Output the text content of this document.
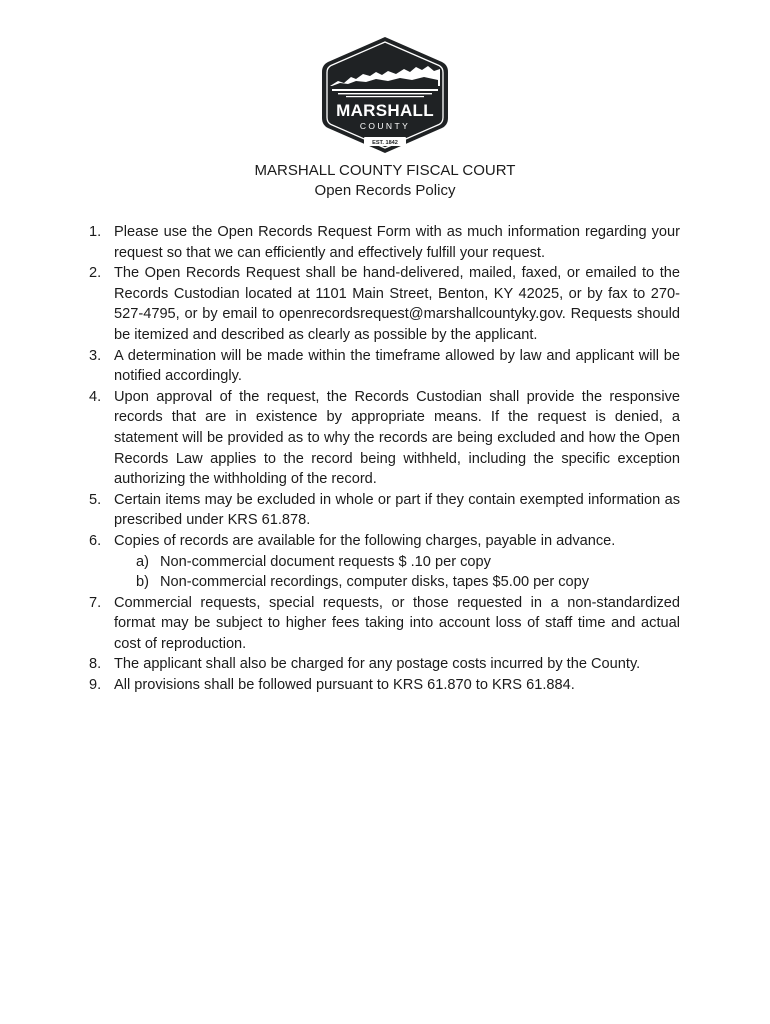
MARSHALL
COUNTY
EST. 1842
MARSHALL COUNTY FISCAL COURT
Open Records Policy
1. Please use the Open Records Request Form with as much information regarding your request so that we can efficiently and effectively fulfill your request.
2. The Open Records Request shall be hand-delivered, mailed, faxed, or emailed to the Records Custodian located at 1101 Main Street, Benton, KY 42025, or by fax to 270-527-4795, or by email to openrecordsrequest@marshallcountyky.gov. Requests should be itemized and described as clearly as possible by the applicant.
3. A determination will be made within the timeframe allowed by law and applicant will be notified accordingly.
4. Upon approval of the request, the Records Custodian shall provide the responsive records that are in existence by appropriate means. If the request is denied, a statement will be provided as to why the records are being excluded and how the Open Records Law applies to the record being withheld, including the specific exception authorizing the withholding of the record.
5. Certain items may be excluded in whole or part if they contain exempted information as prescribed under KRS 61.878.
6. Copies of records are available for the following charges, payable in advance.
a) Non-commercial document requests $ .10 per copy
b) Non-commercial recordings, computer disks, tapes $5.00 per copy
7. Commercial requests, special requests, or those requested in a non-standardized format may be subject to higher fees taking into account loss of staff time and actual cost of reproduction.
8. The applicant shall also be charged for any postage costs incurred by the County.
9. All provisions shall be followed pursuant to KRS 61.870 to KRS 61.884.
